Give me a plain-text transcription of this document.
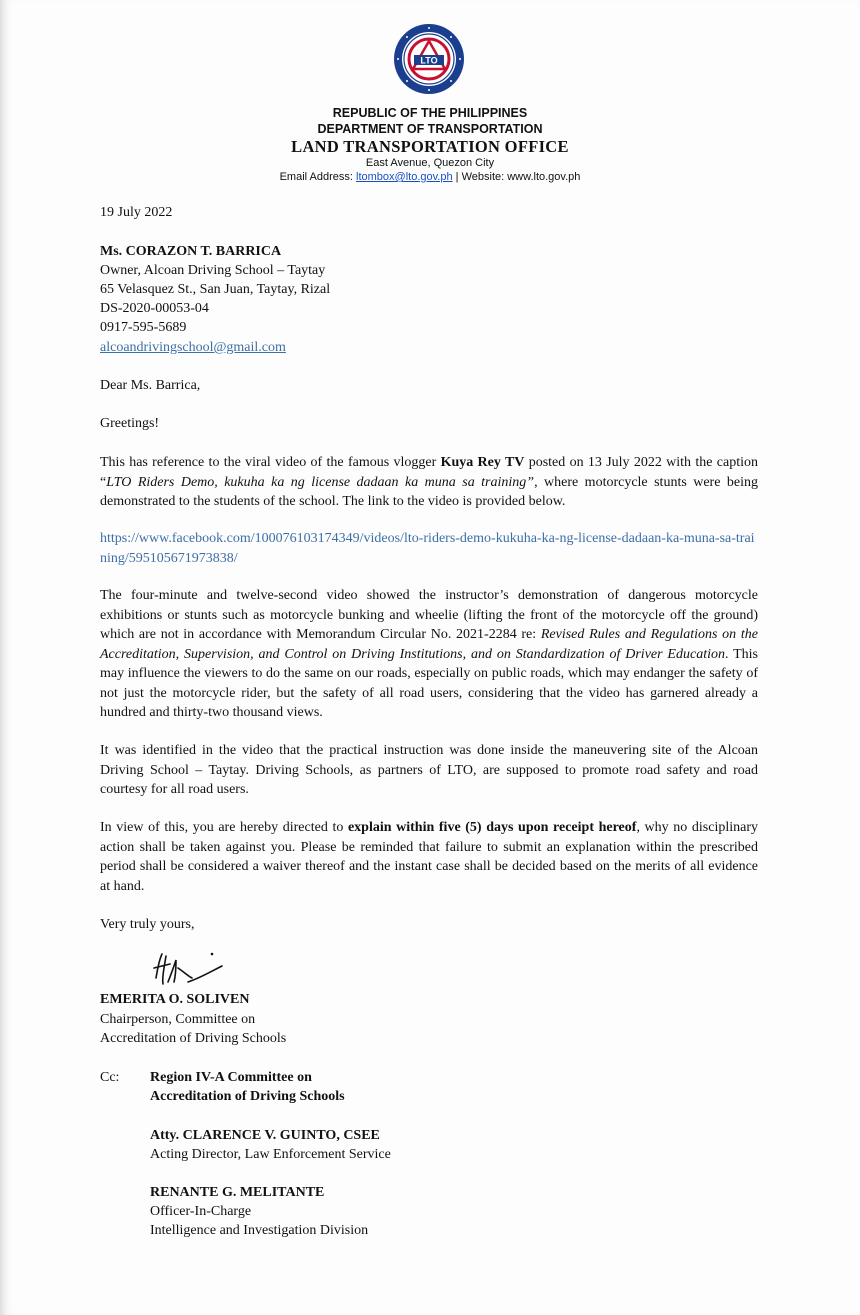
LTO
REPUBLIC OF THE PHILIPPINES
DEPARTMENT OF TRANSPORTATION
LAND TRANSPORTATION OFFICE
East Avenue, Quezon City
Email Address: ltombox@lto.gov.ph | Website: www.lto.gov.ph

19 July 2022

Ms. CORAZON T. BARRICA

Owner, Alcoan Driving School – Taytay

65 Velasquez St., San Juan, Taytay, Rizal

DS-2020-00053-04

0917-595-5689

alcoandrivingschool@gmail.com

Dear Ms. Barrica,

Greetings!

This has reference to the viral video of the famous vlogger Kuya Rey TV posted on 13 July 2022 with the caption “LTO Riders Demo, kukuha ka ng license dadaan ka muna sa training”, where motorcycle stunts were being demonstrated to the students of the school. The link to the video is provided below.

https://www.facebook.com/100076103174349/videos/lto-riders-demo-kukuha-ka-ng-license-dadaan-ka-muna-sa-training/595105671973838/

The four-minute and twelve-second video showed the instructor’s demonstration of dangerous motorcycle exhibitions or stunts such as motorcycle bunking and wheelie (lifting the front of the motorcycle off the ground) which are not in accordance with Memorandum Circular No. 2021-2284 re: Revised Rules and Regulations on the Accreditation, Supervision, and Control on Driving Institutions, and on Standardization of Driver Education. This may influence the viewers to do the same on our roads, especially on public roads, which may endanger the safety of not just the motorcycle rider, but the safety of all road users, considering that the video has garnered already a hundred and thirty-two thousand views.

It was identified in the video that the practical instruction was done inside the maneuvering site of the Alcoan Driving School – Taytay. Driving Schools, as partners of LTO, are supposed to promote road safety and road courtesy for all road users.

In view of this, you are hereby directed to explain within five (5) days upon receipt hereof, why no disciplinary action shall be taken against you. Please be reminded that failure to submit an explanation within the prescribed period shall be considered a waiver thereof and the instant case shall be decided based on the merits of all evidence at hand.

Very truly yours,

EMERITA O. SOLIVEN

Chairperson, Committee on

Accreditation of Driving Schools

Cc: Region IV-A Committee on

Accreditation of Driving Schools

Atty. CLARENCE V. GUINTO, CSEE

Acting Director, Law Enforcement Service

RENANTE G. MELITANTE

Officer-In-Charge

Intelligence and Investigation Division
